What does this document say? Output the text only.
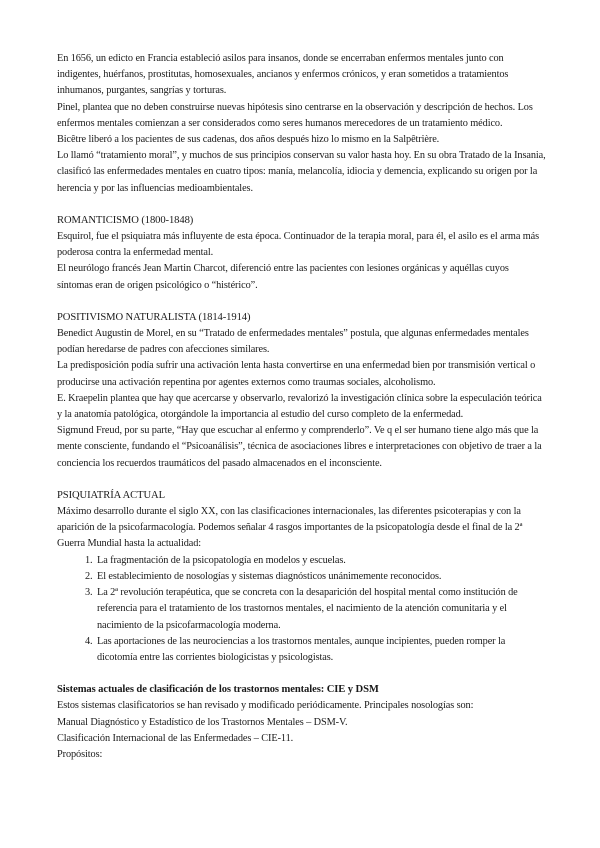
En 1656, un edicto en Francia estableció asilos para insanos, donde se encerraban enfermos mentales junto con indigentes, huérfanos, prostitutas, homosexuales, ancianos y enfermos crónicos, y eran sometidos a tratamientos inhumanos, purgantes, sangrías y torturas.

Pinel, plantea que no deben construirse nuevas hipótesis sino centrarse en la observación y descripción de hechos. Los enfermos mentales comienzan a ser considerados como seres humanos merecedores de un tratamiento médico.

Bicêtre liberó a los pacientes de sus cadenas, dos años después hizo lo mismo en la Salpêtrière.

Lo llamó “tratamiento moral”, y muchos de sus principios conservan su valor hasta hoy. En su obra Tratado de la Insania, clasificó las enfermedades mentales en cuatro tipos: manía, melancolía, idiocia y demencia, explicando su origen por la herencia y por las influencias medioambientales.

ROMANTICISMO (1800-1848)

Esquirol, fue el psiquiatra más influyente de esta época. Continuador de la terapia moral, para él, el asilo es el arma más poderosa contra la enfermedad mental.

El neurólogo francés Jean Martin Charcot, diferenció entre las pacientes con lesiones orgánicas y aquéllas cuyos síntomas eran de origen psicológico o “histérico”.

POSITIVISMO NATURALISTA (1814-1914)

Benedict Augustin de Morel, en su “Tratado de enfermedades mentales” postula, que algunas enfermedades mentales podían heredarse de padres con afecciones similares.

La predisposición podía sufrir una activación lenta hasta convertirse en una enfermedad bien por transmisión vertical o producirse una activación repentina por agentes externos como traumas sociales, alcoholismo.

E. Kraepelin plantea que hay que acercarse y observarlo, revalorizó la investigación clínica sobre la especulación teórica y la anatomía patológica, otorgándole la importancia al estudio del curso completo de la enfermedad.

Sigmund Freud, por su parte, “Hay que escuchar al enfermo y comprenderlo”. Ve q el ser humano tiene algo más que la mente consciente, fundando el “Psicoanálisis”, técnica de asociaciones libres e interpretaciones con objetivo de traer a la conciencia los recuerdos traumáticos del pasado almacenados en el inconsciente.

PSIQUIATRÍA ACTUAL

Máximo desarrollo durante el siglo XX, con las clasificaciones internacionales, las diferentes psicoterapias y con la aparición de la psicofarmacología. Podemos señalar 4 rasgos importantes de la psicopatología desde el final de la 2ª Guerra Mundial hasta la actualidad:

1. La fragmentación de la psicopatología en modelos y escuelas.
2. El establecimiento de nosologías y sistemas diagnósticos unánimemente reconocidos.
3. La 2ª revolución terapéutica, que se concreta con la desaparición del hospital mental como institución de referencia para el tratamiento de los trastornos mentales, el nacimiento de la atención comunitaria y el nacimiento de la psicofarmacología moderna.
4. Las aportaciones de las neurociencias a los trastornos mentales, aunque incipientes, pueden romper la dicotomía entre las corrientes biologicistas y psicologistas.
Sistemas actuales de clasificación de los trastornos mentales: CIE y DSM

Estos sistemas clasificatorios se han revisado y modificado periódicamente. Principales nosologías son:

Manual Diagnóstico y Estadístico de los Trastornos Mentales – DSM-V.

Clasificación Internacional de las Enfermedades – CIE-11.

Propósitos:
